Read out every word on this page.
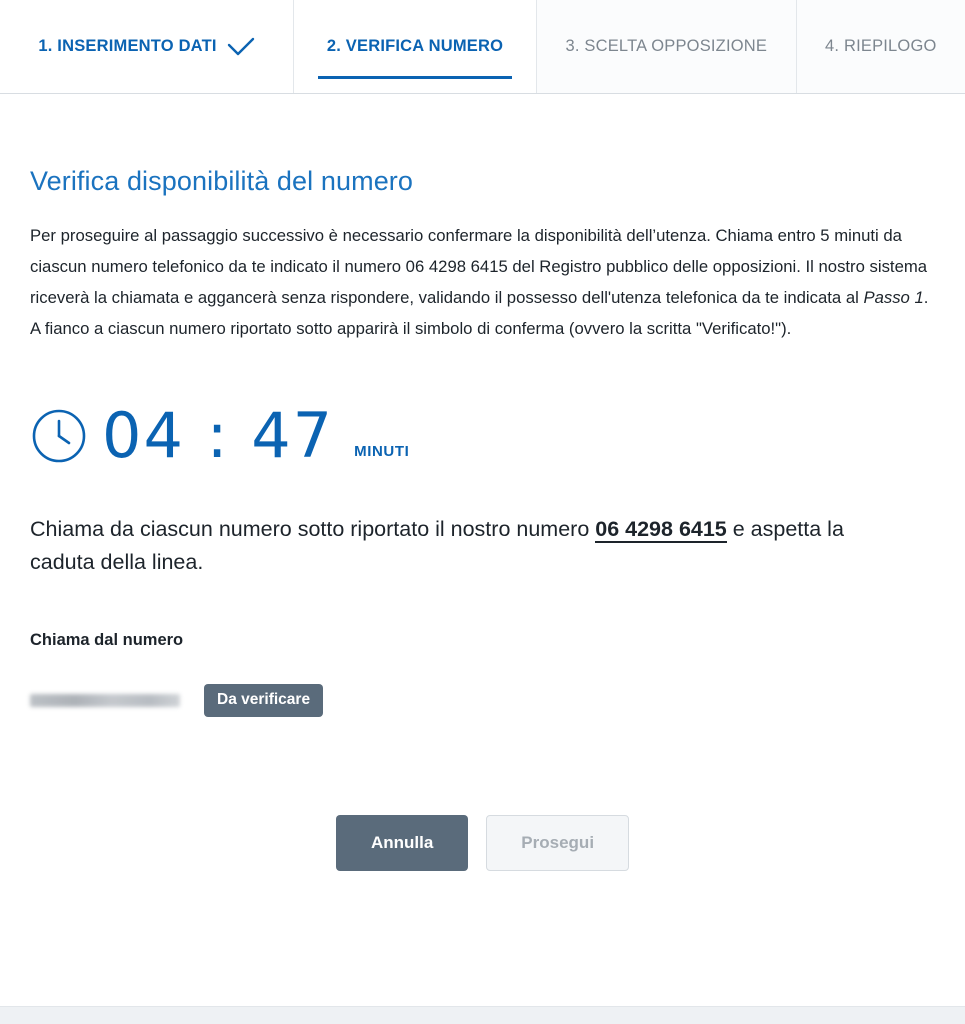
1. INSERIMENTO DATI	2. VERIFICA NUMERO	3. SCELTA OPPOSIZIONE	4. RIEPILOGO
Verifica disponibilità del numero

Per proseguire al passaggio successivo è necessario confermare la disponibilità dell’utenza. Chiama entro 5 minuti da ciascun numero telefonico da te indicato il numero 06 4298 6415 del Registro pubblico delle opposizioni. Il nostro sistema riceverà la chiamata e aggancerà senza rispondere, validando il possesso dell'utenza telefonica da te indicata al Passo 1. A fianco a ciascun numero riportato sotto apparirà il simbolo di conferma (ovvero la scritta "Verificato!").

04 : 47 MINUTI

Chiama da ciascun numero sotto riportato il nostro numero 06 4298 6415 e aspetta la caduta della linea.

Chiama dal numero
Da verificare
Annulla	Prosegui
